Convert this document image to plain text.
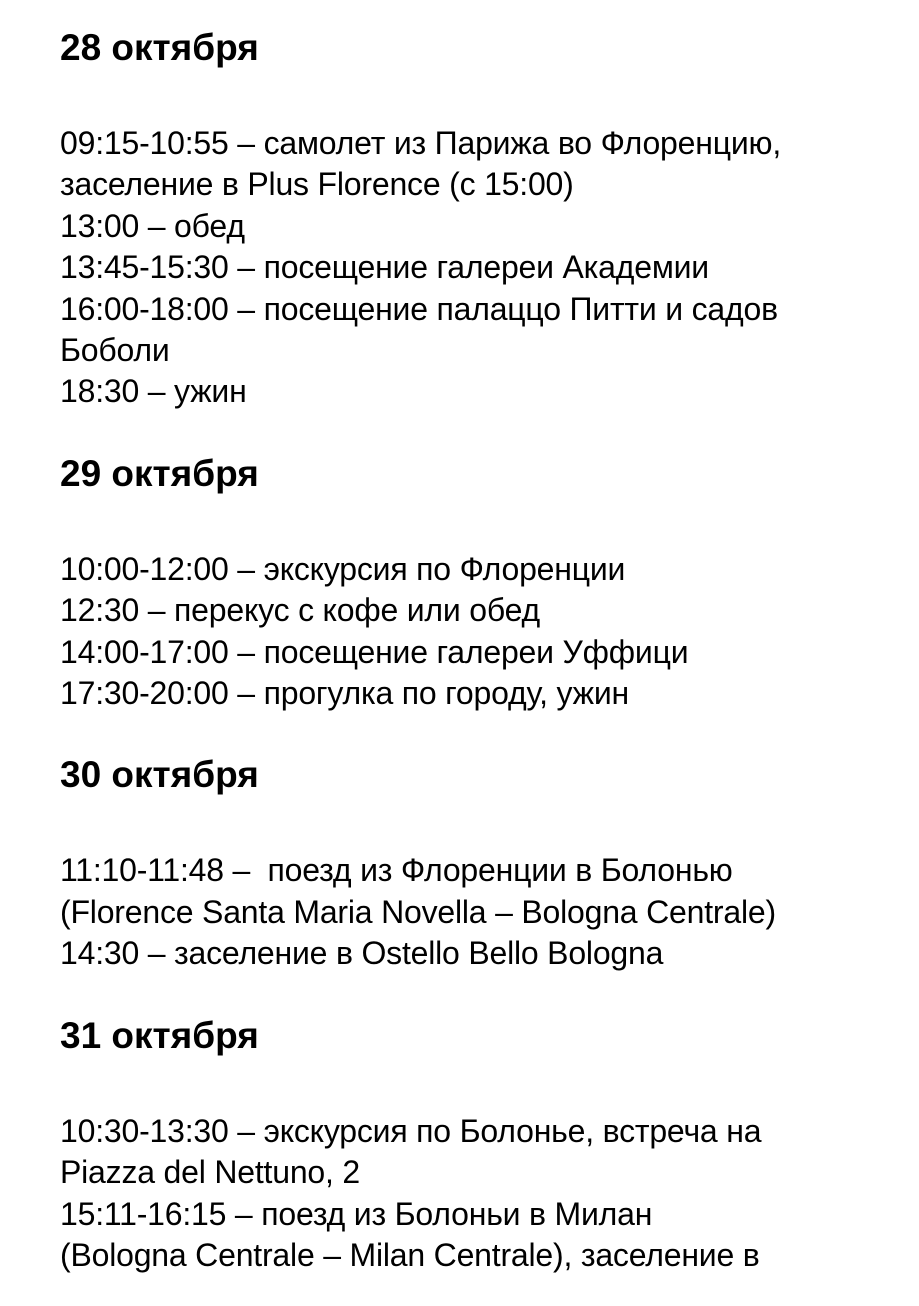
28 октября
09:15-10:55 – самолет из Парижа во Флоренцию,
заселение в Plus Florence (с 15:00)
13:00 – обед
13:45-15:30 – посещение галереи Академии
16:00-18:00 – посещение палаццо Питти и садов
Боболи
18:30 – ужин
29 октября
10:00-12:00 – экскурсия по Флоренции
12:30 – перекус с кофе или обед
14:00-17:00 – посещение галереи Уффици
17:30-20:00 – прогулка по городу, ужин
30 октября
11:10-11:48 –  поезд из Флоренции в Болонью
(Florence Santa Maria Novella – Bologna Centrale)
14:30 – заселение в Ostello Bello Bologna
31 октября
10:30-13:30 – экскурсия по Болонье, встреча на
Piazza del Nettuno, 2
15:11-16:15 – поезд из Болоньи в Милан
(Bologna Centrale – Milan Centrale), заселение в
